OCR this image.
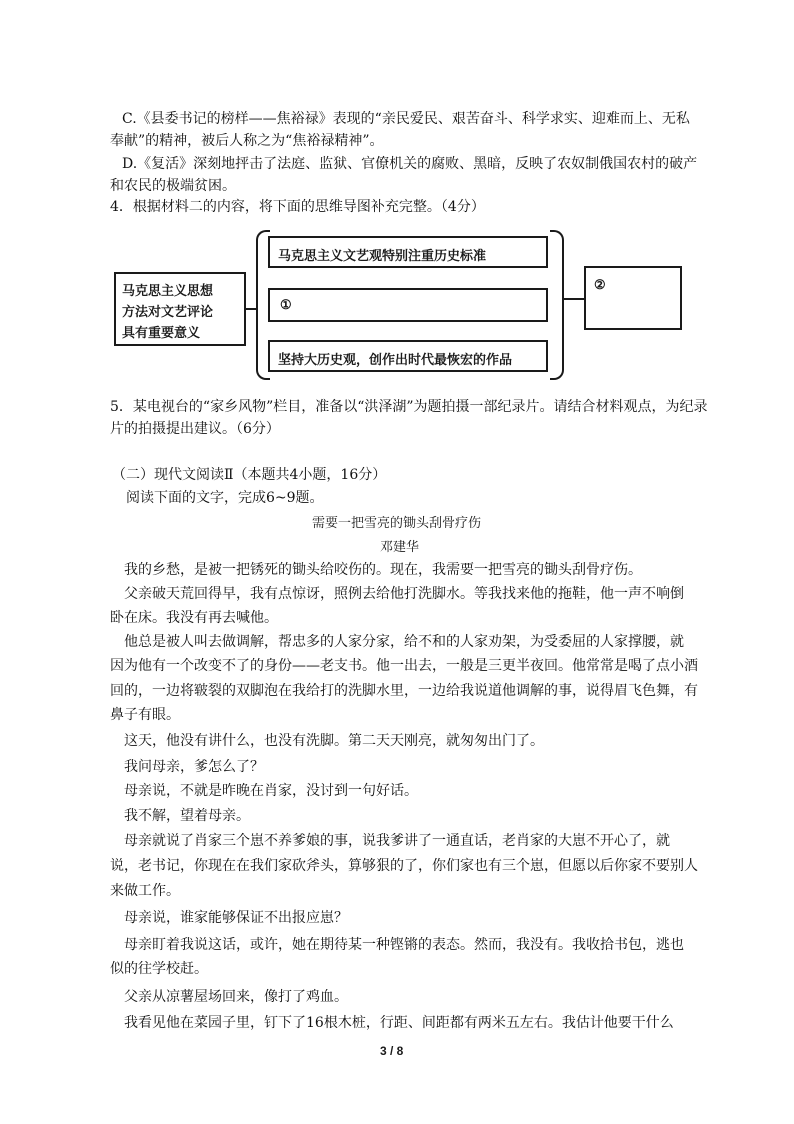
C.《县委书记的榜样——焦裕禄》表现的“亲民爱民、艰苦奋斗、科学求实、迎难而上、无私
奉献”的精神，被后人称之为“焦裕禄精神”。
D.《复活》深刻地抨击了法庭、监狱、官僚机关的腐败、黑暗，反映了农奴制俄国农村的破产
和农民的极端贫困。
4．根据材料二的内容，将下面的思维导图补充完整。（4分）
马克思主义思想
方法对文艺评论
具有重要意义
马克思主义文艺观特别注重历史标准
①
坚持大历史观，创作出时代最恢宏的作品
②
5．某电视台的“家乡风物”栏目，准备以“洪泽湖”为题拍摄一部纪录片。请结合材料观点，为纪录
片的拍摄提出建议。（6分）
（二）现代文阅读Ⅱ（本题共4小题，16分）
阅读下面的文字，完成6~9题。
需要一把雪亮的锄头刮骨疗伤
邓建华
我的乡愁，是被一把锈死的锄头给咬伤的。现在，我需要一把雪亮的锄头刮骨疗伤。
父亲破天荒回得早，我有点惊讶，照例去给他打洗脚水。等我找来他的拖鞋，他一声不响倒
卧在床。我没有再去喊他。
他总是被人叫去做调解，帮忠多的人家分家，给不和的人家劝架，为受委屈的人家撑腰，就
因为他有一个改变不了的身份——老支书。他一出去，一般是三更半夜回。他常常是喝了点小酒
回的，一边将皲裂的双脚泡在我给打的洗脚水里，一边给我说道他调解的事，说得眉飞色舞，有
鼻子有眼。
这天，他没有讲什么，也没有洗脚。第二天天刚亮，就匆匆出门了。
我问母亲，爹怎么了？
母亲说，不就是昨晚在肖家，没讨到一句好话。
我不解，望着母亲。
母亲就说了肖家三个崽不养爹娘的事，说我爹讲了一通直话，老肖家的大崽不开心了，就
说，老书记，你现在在我们家砍斧头，算够狠的了，你们家也有三个崽，但愿以后你家不要别人
来做工作。
母亲说，谁家能够保证不出报应崽？
母亲盯着我说这话，或许，她在期待某一种铿锵的表态。然而，我没有。我收拾书包，逃也
似的往学校赶。
父亲从凉薯屋场回来，像打了鸡血。
我看见他在菜园子里，钉下了16根木桩，行距、间距都有两米五左右。我估计他要干什么
3 / 8
